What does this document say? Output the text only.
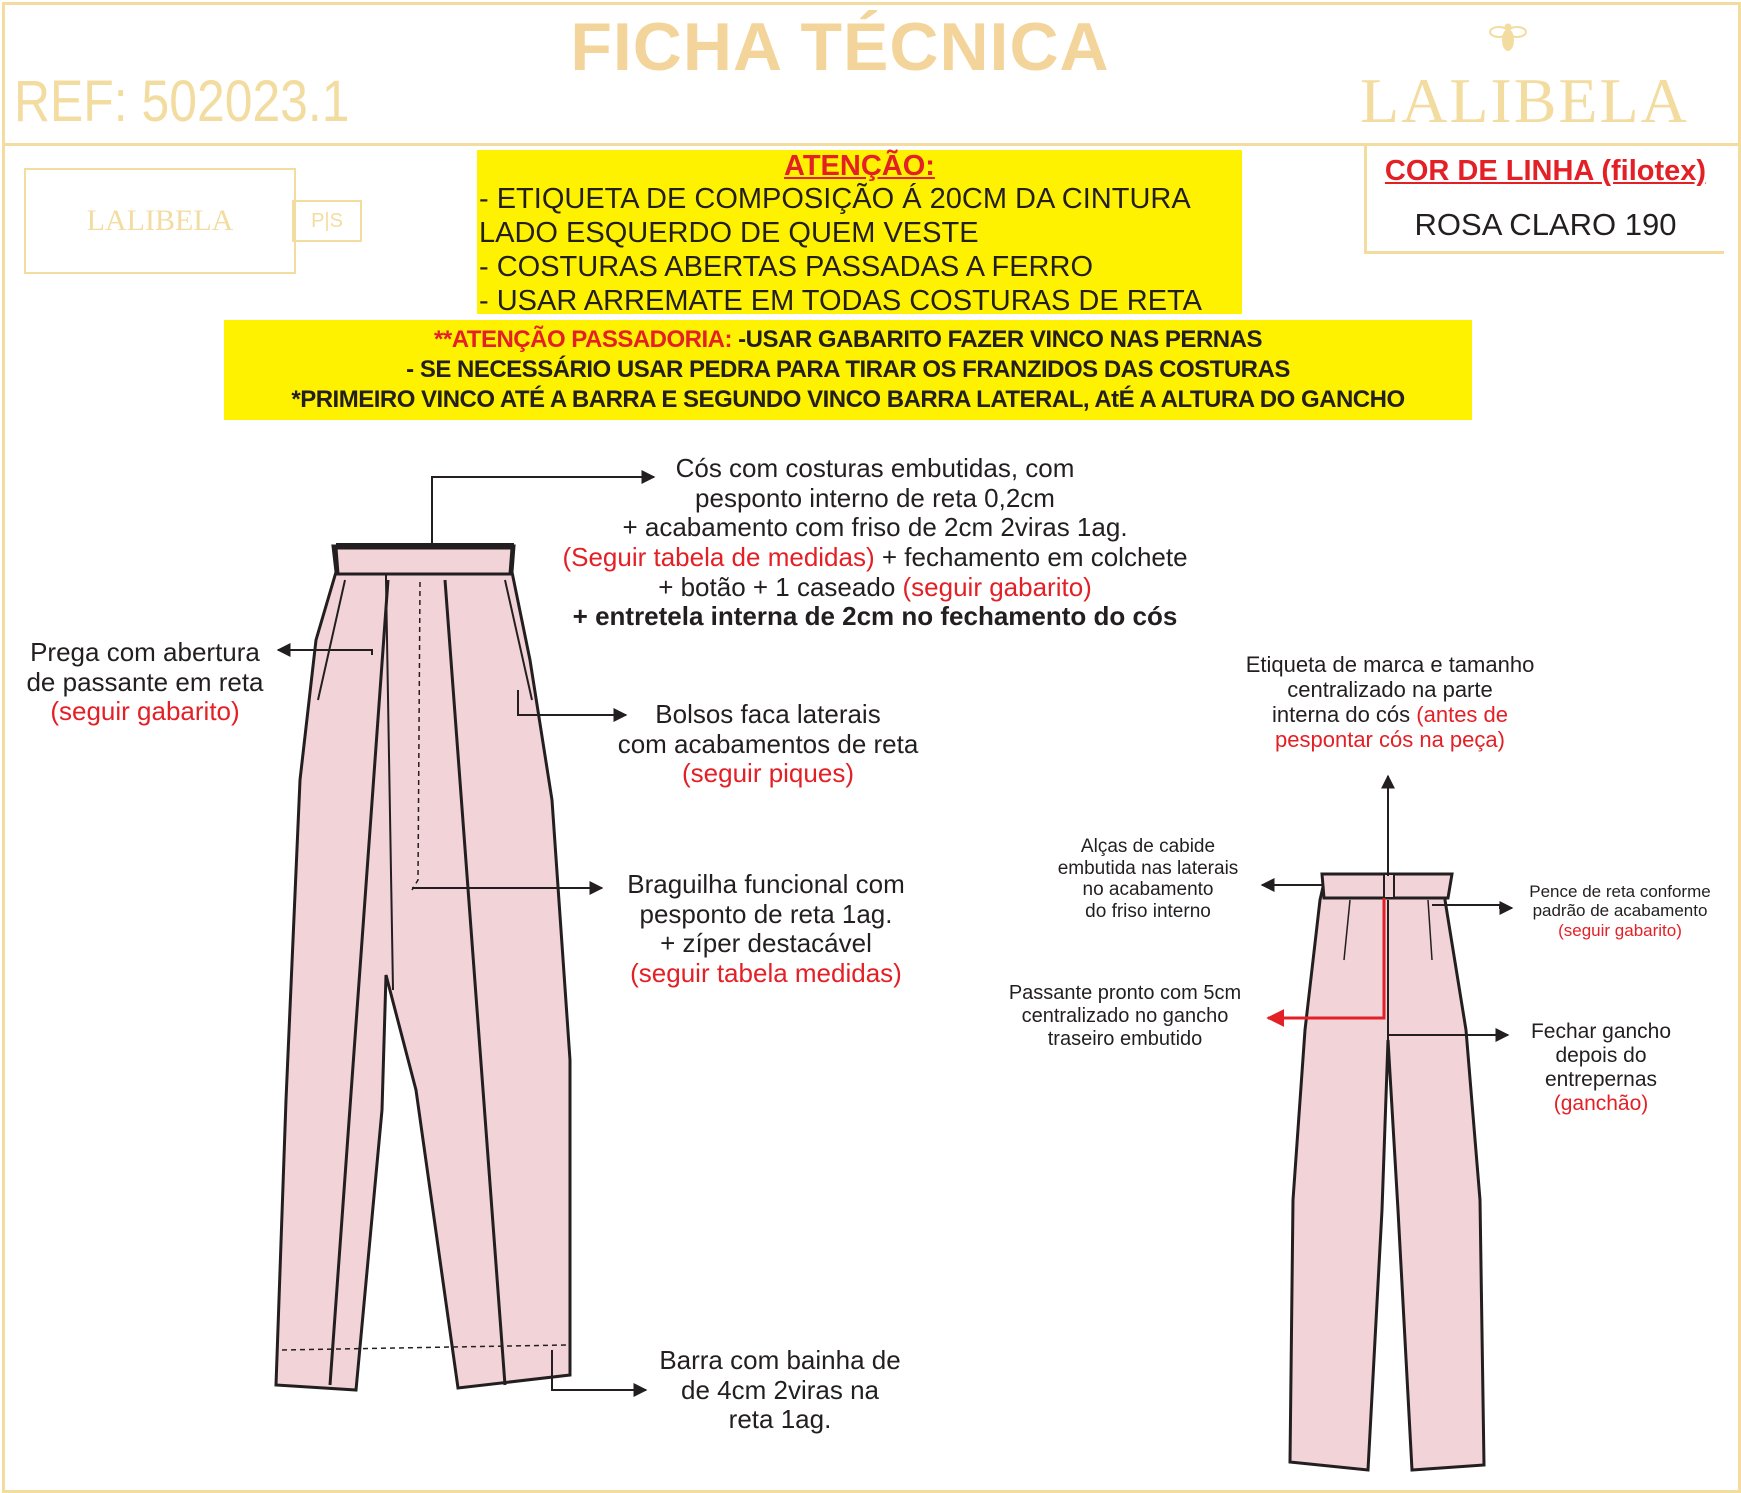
FICHA TÉCNICA
REF: 502023.1	LALIBELA
LALIBELA	P|S
COR DE LINHA (filotex)
ROSA CLARO 190
ATENÇÃO:
- ETIQUETA DE COMPOSIÇÃO Á 20CM DA CINTURA
LADO ESQUERDO DE QUEM VESTE
- COSTURAS ABERTAS PASSADAS A FERRO
- USAR ARREMATE EM TODAS COSTURAS DE RETA
**ATENÇÃO PASSADORIA: -USAR GABARITO FAZER VINCO NAS PERNAS
- SE NECESSÁRIO USAR PEDRA PARA TIRAR OS FRANZIDOS DAS COSTURAS
*PRIMEIRO VINCO ATÉ A BARRA E SEGUNDO VINCO BARRA LATERAL, AtÉ A ALTURA DO GANCHO
Cós com costuras embutidas, com
pesponto interno de reta 0,2cm
+ acabamento com friso de 2cm 2viras 1ag.
(Seguir tabela de medidas) + fechamento em colchete
+ botão + 1 caseado (seguir gabarito)
+ entretela interna de 2cm no fechamento do cós
Prega com abertura
de passante em reta
(seguir gabarito)	Bolsos faca laterais
com acabamentos de reta
(seguir piques)
Braguilha funcional com
pesponto de reta 1ag.
+ zíper destacável
(seguir tabela medidas)
Barra com bainha de
de 4cm 2viras na
reta 1ag.
Etiqueta de marca e tamanho
centralizado na parte
interna do cós (antes de
pespontar cós na peça)
Alças de cabide
embutida nas laterais
no acabamento
do friso interno
Passante pronto com 5cm
centralizado no gancho
traseiro embutido
Pence de reta conforme
padrão de acabamento
(seguir gabarito)
Fechar gancho
depois do
entrepernas
(ganchão)
